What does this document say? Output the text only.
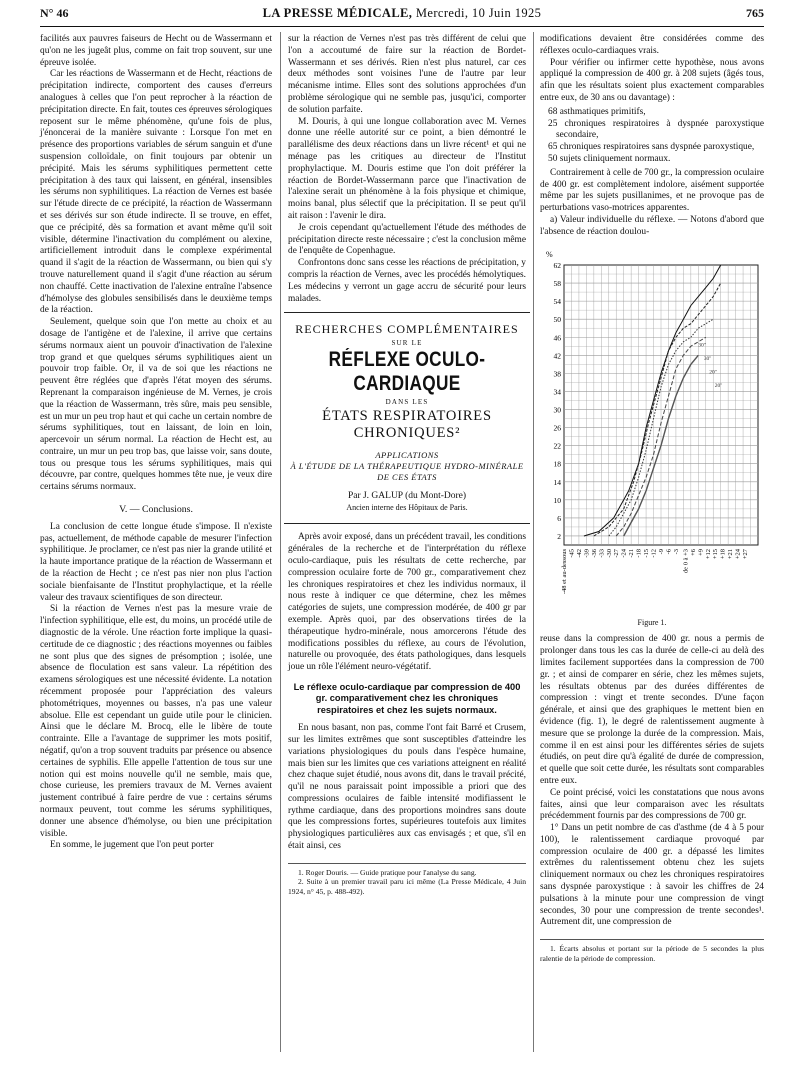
N° 46	LA PRESSE MÉDICALE, Mercredi, 10 Juin 1925	765

facilités aux pauvres faiseurs de Hecht ou de Wassermann et qu'on ne les jugeât plus, comme on fait trop souvent, sur une épreuve isolée.

Car les réactions de Wassermann et de Hecht, réactions de précipitation indirecte, comportent des causes d'erreurs analogues à celles que l'on peut reprocher à la réaction de précipitation directe. En fait, toutes ces épreuves sérologiques reposent sur le même phénomène, qu'une fois de plus, j'énoncerai de la manière suivante : Lorsque l'on met en présence des proportions variables de sérum sanguin et d'une suspension colloïdale, on finit toujours par obtenir un précipité. Mais les sérums syphilitiques permettent cette précipitation à des taux qui laissent, en général, insensibles les sérums non syphilitiques. La réaction de Vernes est basée sur l'étude directe de ce précipité, la réaction de Wassermann et ses dérivés sur son étude indirecte. Il se trouve, en effet, que ce précipité, dès sa formation et avant même qu'il soit visible, détermine l'inactivation du complément ou alexine, artificiellement introduit dans le complexe expérimental quand il s'agit de la réaction de Wassermann, ou bien qui s'y trouve naturellement quand il s'agit d'une réaction au sérum non chauffé. Cette inactivation de l'alexine entraîne l'absence d'hémolyse des globules sensibilisés dans le deuxième temps de la réaction.

Seulement, quelque soin que l'on mette au choix et au dosage de l'antigène et de l'alexine, il arrive que certains sérums normaux aient un pouvoir d'inactivation de l'alexine trop grand et que quelques sérums syphilitiques aient un pouvoir trop faible. Or, il va de soi que les réactions ne peuvent être réglées que d'après l'état moyen des sérums. Reprenant la comparaison ingénieuse de M. Vernes, je crois que la réaction de Wassermann, très sûre, mais peu sensible, est un mur un peu trop haut et qui cache un certain nombre de sérums syphilitiques, tout en laissant, de loin en loin, apercevoir un sérum normal. La réaction de Hecht est, au contraire, un mur un peu trop bas, que laisse voir, sans doute, tous ou presque tous les sérums syphilitiques, mais qui découvre, par contre, quelques hommes tête nue, je veux dire certains sérums normaux.

V. — Conclusions.

La conclusion de cette longue étude s'impose. Il n'existe pas, actuellement, de méthode capable de mesurer l'infection syphilitique. Je proclamer, ce n'est pas nier la grande utilité et la haute importance pratique de la réaction de Wassermann et de la réaction de Hecht ; ce n'est pas nier non plus l'action sociale bienfaisante de l'Institut prophylactique, et la réelle valeur des travaux scientifiques de son directeur.

Si la réaction de Vernes n'est pas la mesure vraie de l'infection syphilitique, elle est, du moins, un procédé utile de diagnostic de la vérole. Une réaction forte implique la quasi-certitude de ce diagnostic ; des réactions moyennes ou faibles ne sont plus que des signes de présomption ; isolée, une absence de floculation est sans valeur. La répétition des examens sérologiques est une nécessité évidente. La notation récemment proposée pour l'appréciation des valeurs photométriques, moyennes ou basses, n'a pas une valeur absolue. Elle est cependant un guide utile pour le clinicien. Ainsi que le déclare M. Brocq, elle le libère de toute contrainte. Elle a l'avantage de supprimer les mots positif, négatif, qu'on a trop souvent traduits par présence ou absence certaines de syphilis. Elle appelle l'attention de tous sur une notion qui est moins nouvelle qu'il ne semble, mais que, chose curieuse, les premiers travaux de M. Vernes avaient justement contribué à faire perdre de vue : certains sérums normaux peuvent, tout comme les sérums syphilitiques, donner une absence d'hémolyse, ou bien une précipitation visible.

En somme, le jugement que l'on peut porter

sur la réaction de Vernes n'est pas très différent de celui que l'on a accoutumé de faire sur la réaction de Bordet-Wassermann et ses dérivés. Rien n'est plus naturel, car ces deux méthodes sont voisines l'une de l'autre par leur mécanisme intime. Elles sont des solutions approchées d'un problème sérologique qui ne semble pas, jusqu'ici, comporter de solution parfaite.

M. Douris, à qui une longue collaboration avec M. Vernes donne une réelle autorité sur ce point, a bien démontré le parallélisme des deux réactions dans un livre récent¹ et qui ne ménage pas les critiques au directeur de l'Institut prophylactique. M. Douris estime que l'on doit préférer la réaction de Bordet-Wassermann parce que l'inactivation de l'alexine serait un phénomène à la fois physique et chimique, moins banal, plus sélectif que la précipitation. Il se peut qu'il ait raison : l'avenir le dira.

Je crois cependant qu'actuellement l'étude des méthodes de précipitation directe reste nécessaire ; c'est la conclusion même de l'enquête de Copenhague.

Confrontons donc sans cesse les réactions de précipitation, y compris la réaction de Vernes, avec les procédés hémolytiques. Les médecins y verront un gage accru de sécurité pour leurs malades.

RECHERCHES COMPLÉMENTAIRES
SUR LE
RÉFLEXE OCULO-CARDIAQUE
DANS LES
ÉTATS RESPIRATOIRES CHRONIQUES²
APPLICATIONS
À L'ÉTUDE DE LA THÉRAPEUTIQUE HYDRO-MINÉRALE DE CES ÉTATS
Par J. GALUP (du Mont-Dore)
Ancien interne des Hôpitaux de Paris.

Après avoir exposé, dans un précédent travail, les conditions générales de la recherche et de l'interprétation du réflexe oculo-cardiaque, puis les résultats de cette recherche, par compression oculaire forte de 700 gr., comparativement chez les chroniques respiratoires et chez les individus normaux, il nous reste à indiquer ce que détermine, chez les mêmes catégories de sujets, une compression modérée, de 400 gr par exemple. Après quoi, par des observations tirées de la thérapeutique hydro-minérale, nous amorcerons l'étude des modifications possibles du réflexe, au cours de l'évolution, naturelle ou provoquée, des états pathologiques, dans lesquels joue un rôle l'élément neuro-végétatif.

Le réflexe oculo-cardiaque par compression de 400 gr. comparativement chez les chroniques respiratoires et chez les sujets normaux.

En nous basant, non pas, comme l'ont fait Barré et Crusem, sur les limites extrêmes que sont susceptibles d'atteindre les variations physiologiques du pouls dans l'espèce humaine, mais bien sur les limites que ces variations atteignent en réalité chez chaque sujet étudié, nous avons dit, dans le travail précité, qu'il ne nous paraissait point impossible a priori que des compressions oculaires de faible intensité modifiassent le rythme cardiaque, dans des proportions moindres sans doute que les compressions fortes, supérieures toutefois aux limites physiologiques particulières aux cas envisagés ; et que, s'il en était ainsi, ces

1. Roger Douris. — Guide pratique pour l'analyse du sang.

2. Suite à un premier travail paru ici même (La Presse Médicale, 4 Juin 1924, n° 45, p. 488-492).

modifications devaient être considérées comme des réflexes oculo-cardiaques vrais.

Pour vérifier ou infirmer cette hypothèse, nous avons appliqué la compression de 400 gr. à 208 sujets (âgés tous, afin que les résultats soient plus exactement comparables entre eux, de 30 ans ou davantage) :

68 asthmatiques primitifs,
25 chroniques respiratoires à dyspnée paroxystique secondaire,
65 chroniques respiratoires sans dyspnée paroxystique,
50 sujets cliniquement normaux.

Contrairement à celle de 700 gr., la compression oculaire de 400 gr. est complètement indolore, aisément supportée même par les sujets pusillanimes, et ne provoque pas de perturbations vaso-motrices apparentes.

a) Valeur individuelle du réflexe. — Notons d'abord que l'absence de réaction doulou-

2
6
10
14
18
22
26
30
34
38
42
46
50
54
58
62
-48 et au-dessous -45 -42 -39 -36 -33 -30 -27 -24 -21 -18 -15 -12 -9 -6 -3 de 0 à +3 +6 +9 +12 +15 +18 +21 +24 +27
30''
30''
20''
20''
%
Figure 1.

reuse dans la compression de 400 gr. nous a permis de prolonger dans tous les cas la durée de celle-ci au delà des limites facilement supportées dans la compression de 700 gr. ; et ainsi de comparer en série, chez les mêmes sujets, les résultats obtenus par des durées différentes de compression : vingt et trente secondes. D'une façon générale, et ainsi que des graphiques le mettent bien en évidence (fig. 1), le degré de ralentissement augmente à mesure que se prolonge la durée de la compression. Mais, comme il en est ainsi pour les différentes séries de sujets étudiés, on peut dire qu'à égalité de durée de compression, et quelle que soit cette durée, les résultats sont comparables entre eux.

Ce point précisé, voici les constatations que nous avons faites, ainsi que leur comparaison avec les résultats précédemment fournis par des compressions de 700 gr.

1° Dans un petit nombre de cas d'asthme (de 4 à 5 pour 100), le ralentissement cardiaque provoqué par compression oculaire de 400 gr. a dépassé les limites extrêmes du ralentissement obtenu chez les sujets cliniquement normaux ou chez les chroniques respiratoires sans dyspnée paroxystique : à savoir les chiffres de 24 pulsations à la minute pour une compression de vingt secondes, 30 pour une compression de trente secondes¹. Autrement dit, une compression de

1. Écarts absolus et portant sur la période de 5 secondes la plus ralentie de la période de compression.
